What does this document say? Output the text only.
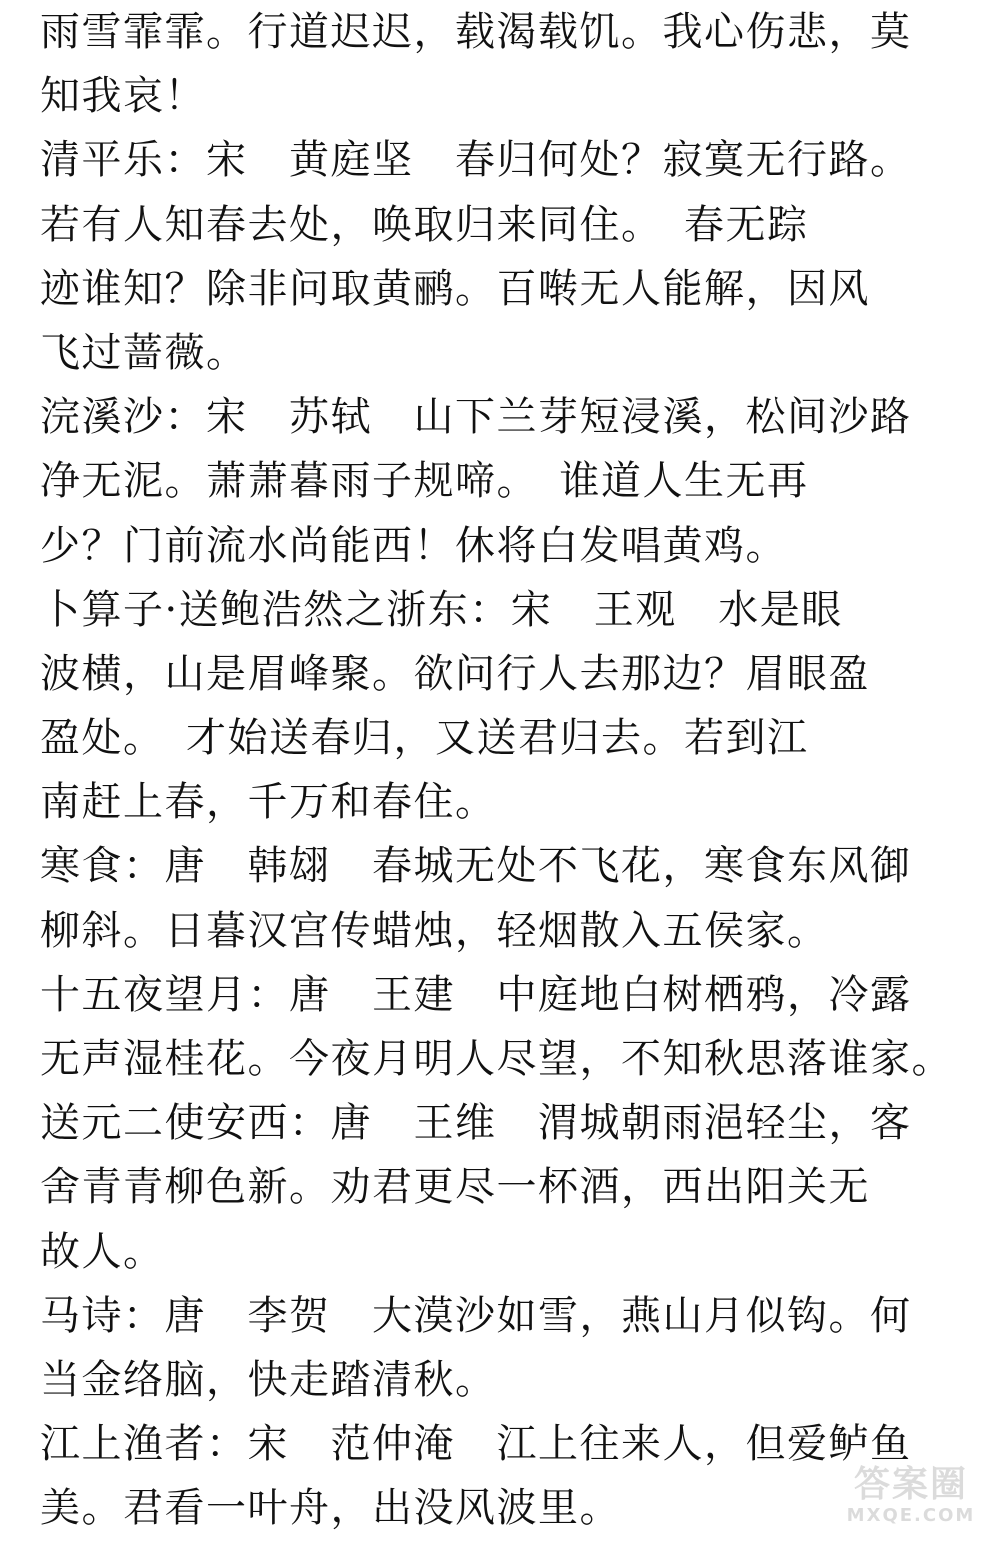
雨雪霏霏。行道迟迟，载渴载饥。我心伤悲，莫
知我哀！
清平乐：宋　黄庭坚　春归何处？寂寞无行路。
若有人知春去处，唤取归来同住。　春无踪
迹谁知？除非问取黄鹂。百啭无人能解，因风
飞过蔷薇。
浣溪沙：宋　苏轼　山下兰芽短浸溪，松间沙路
净无泥。萧萧暮雨子规啼。　谁道人生无再
少？门前流水尚能西！休将白发唱黄鸡。
卜算子·送鲍浩然之浙东：宋　王观　水是眼
波横，山是眉峰聚。欲问行人去那边？眉眼盈
盈处。　才始送春归，又送君归去。若到江
南赶上春，千万和春住。
寒食：唐　韩翃　春城无处不飞花，寒食东风御
柳斜。日暮汉宫传蜡烛，轻烟散入五侯家。
十五夜望月：唐　王建　中庭地白树栖鸦，冷露
无声湿桂花。今夜月明人尽望，不知秋思落谁家。
送元二使安西：唐　王维　渭城朝雨浥轻尘，客
舍青青柳色新。劝君更尽一杯酒，西出阳关无
故人。
马诗：唐　李贺　大漠沙如雪，燕山月似钩。何
当金络脑，快走踏清秋。
江上渔者：宋　范仲淹　江上往来人，但爱鲈鱼
美。君看一叶舟，出没风波里。
答案圈
MXQE.COM
